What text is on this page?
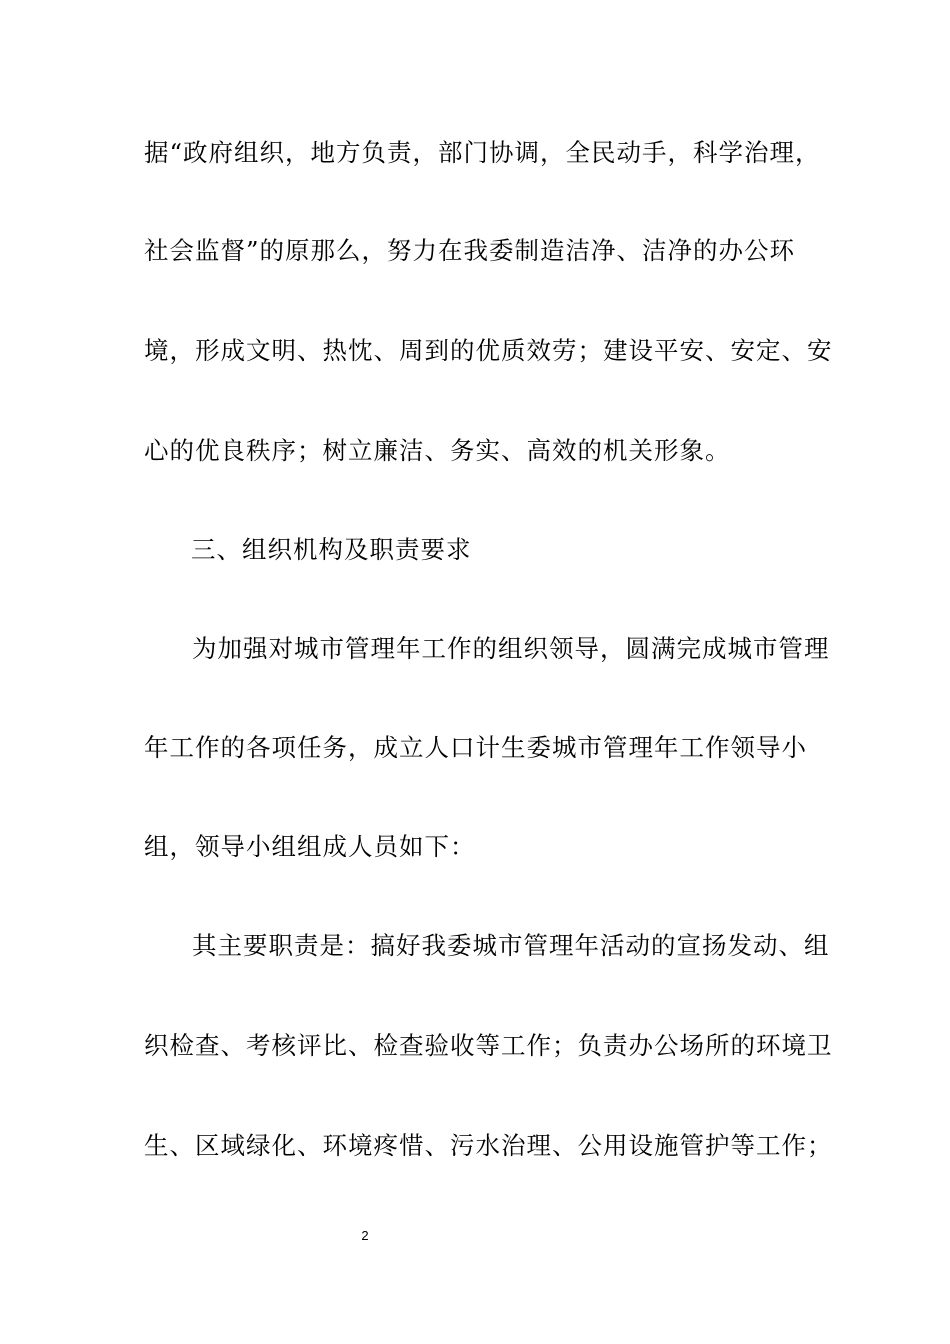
据“政府组织，地方负责，部门协调，全民动手，科学治理，
社会监督”的原那么，努力在我委制造洁净、洁净的办公环
境，形成文明、热忱、周到的优质效劳；建设平安、安定、安
心的优良秩序；树立廉洁、务实、高效的机关形象。
三、组织机构及职责要求
为加强对城市管理年工作的组织领导，圆满完成城市管理
年工作的各项任务，成立人口计生委城市管理年工作领导小
组，领导小组组成人员如下：
其主要职责是：搞好我委城市管理年活动的宣扬发动、组
织检查、考核评比、检查验收等工作；负责办公场所的环境卫
生、区域绿化、环境疼惜、污水治理、公用设施管护等工作；
2
